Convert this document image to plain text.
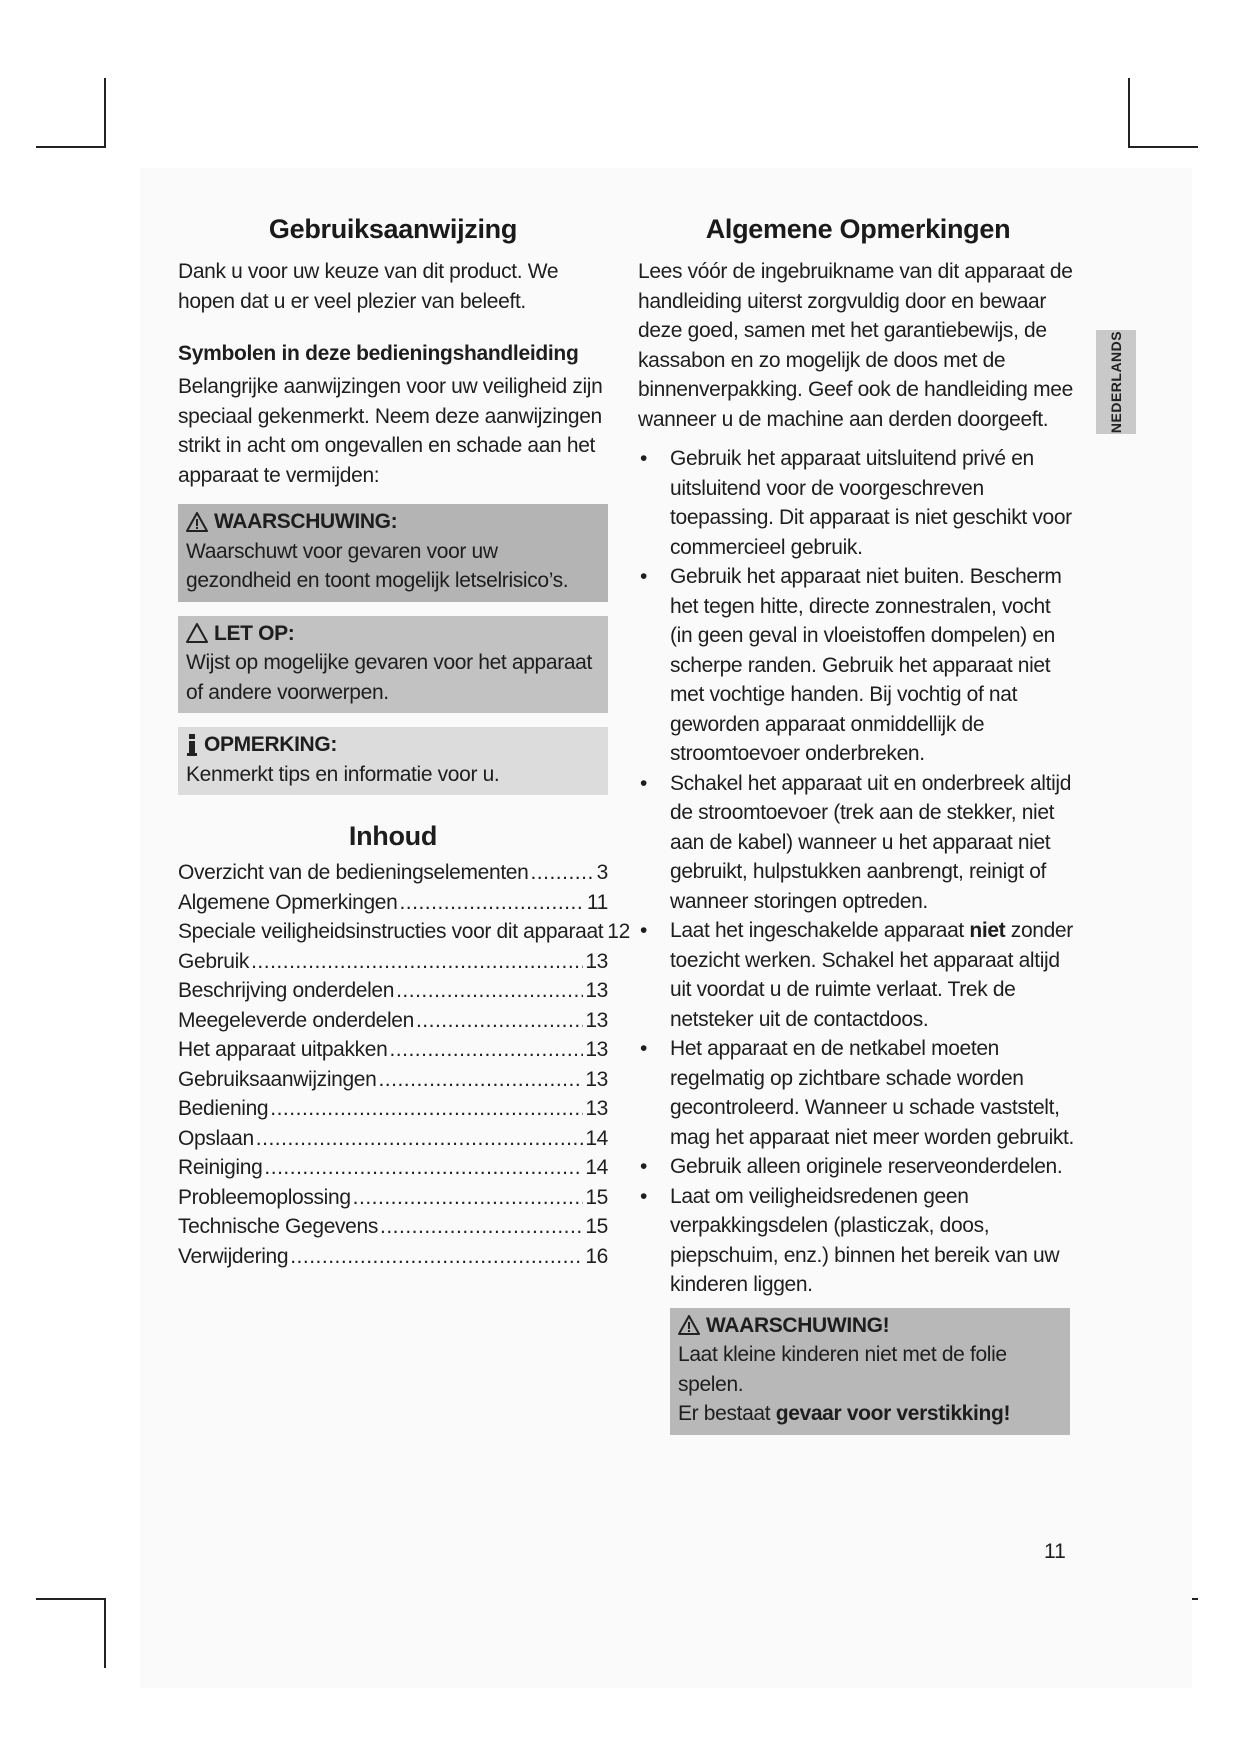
Gebruiksaanwijzing

Dank u voor uw keuze van dit product. We hopen dat u er veel plezier van beleeft.

Symbolen in deze bedieningshandleiding

Belangrijke aanwijzingen voor uw veiligheid zijn speciaal gekenmerkt. Neem deze aanwijzingen strikt in acht om ongevallen en schade aan het apparaat te vermijden:

WAARSCHUWING:
Waarschuwt voor gevaren voor uw gezondheid en toont mogelijk letselrisico’s.
LET OP:
Wijst op mogelijke gevaren voor het apparaat of andere voorwerpen.
OPMERKING:
Kenmerkt tips en informatie voor u.
Inhoud
Overzicht van de bedieningselementen .....	3
Algemene Opmerkingen .....	11
Speciale veiligheidsinstructies voor dit apparaat 12
Gebruik .....	13
Beschrijving onderdelen .....	13
Meegeleverde onderdelen .....	13
Het apparaat uitpakken .....	13
Gebruiksaanwijzingen .....	13
Bediening .....	13
Opslaan .....	14
Reiniging .....	14
Probleemoplossing .....	15
Technische Gegevens .....	15
Verwijdering .....	16
Algemene Opmerkingen

Lees vóór de ingebruikname van dit apparaat de handleiding uiterst zorgvuldig door en bewaar deze goed, samen met het garantiebewijs, de kassabon en zo mogelijk de doos met de binnenverpakking. Geef ook de handleiding mee wanneer u de machine aan derden doorgeeft.

• Gebruik het apparaat uitsluitend privé en uitsluitend voor de voorgeschreven toepassing. Dit apparaat is niet geschikt voor commercieel gebruik.
• Gebruik het apparaat niet buiten. Bescherm het tegen hitte, directe zonnestralen, vocht (in geen geval in vloeistoffen dompelen) en scherpe randen. Gebruik het apparaat niet met vochtige handen. Bij vochtig of nat geworden apparaat onmiddellijk de stroomtoevoer onderbreken.
• Schakel het apparaat uit en onderbreek altijd de stroomtoevoer (trek aan de stekker, niet aan de kabel) wanneer u het apparaat niet gebruikt, hulpstukken aanbrengt, reinigt of wanneer storingen optreden.
• Laat het ingeschakelde apparaat niet zonder toezicht werken. Schakel het apparaat altijd uit voordat u de ruimte verlaat. Trek de netsteker uit de contactdoos.
• Het apparaat en de netkabel moeten regelmatig op zichtbare schade worden gecontroleerd. Wanneer u schade vaststelt, mag het apparaat niet meer worden gebruikt.
• Gebruik alleen originele reserveonderdelen.
• Laat om veiligheidsredenen geen verpakkingsdelen (plasticzak, doos, piepschuim, enz.) binnen het bereik van uw kinderen liggen.
WAARSCHUWING!
Laat kleine kinderen niet met de folie spelen.
Er bestaat gevaar voor verstikking!
NEDERLANDS
11
